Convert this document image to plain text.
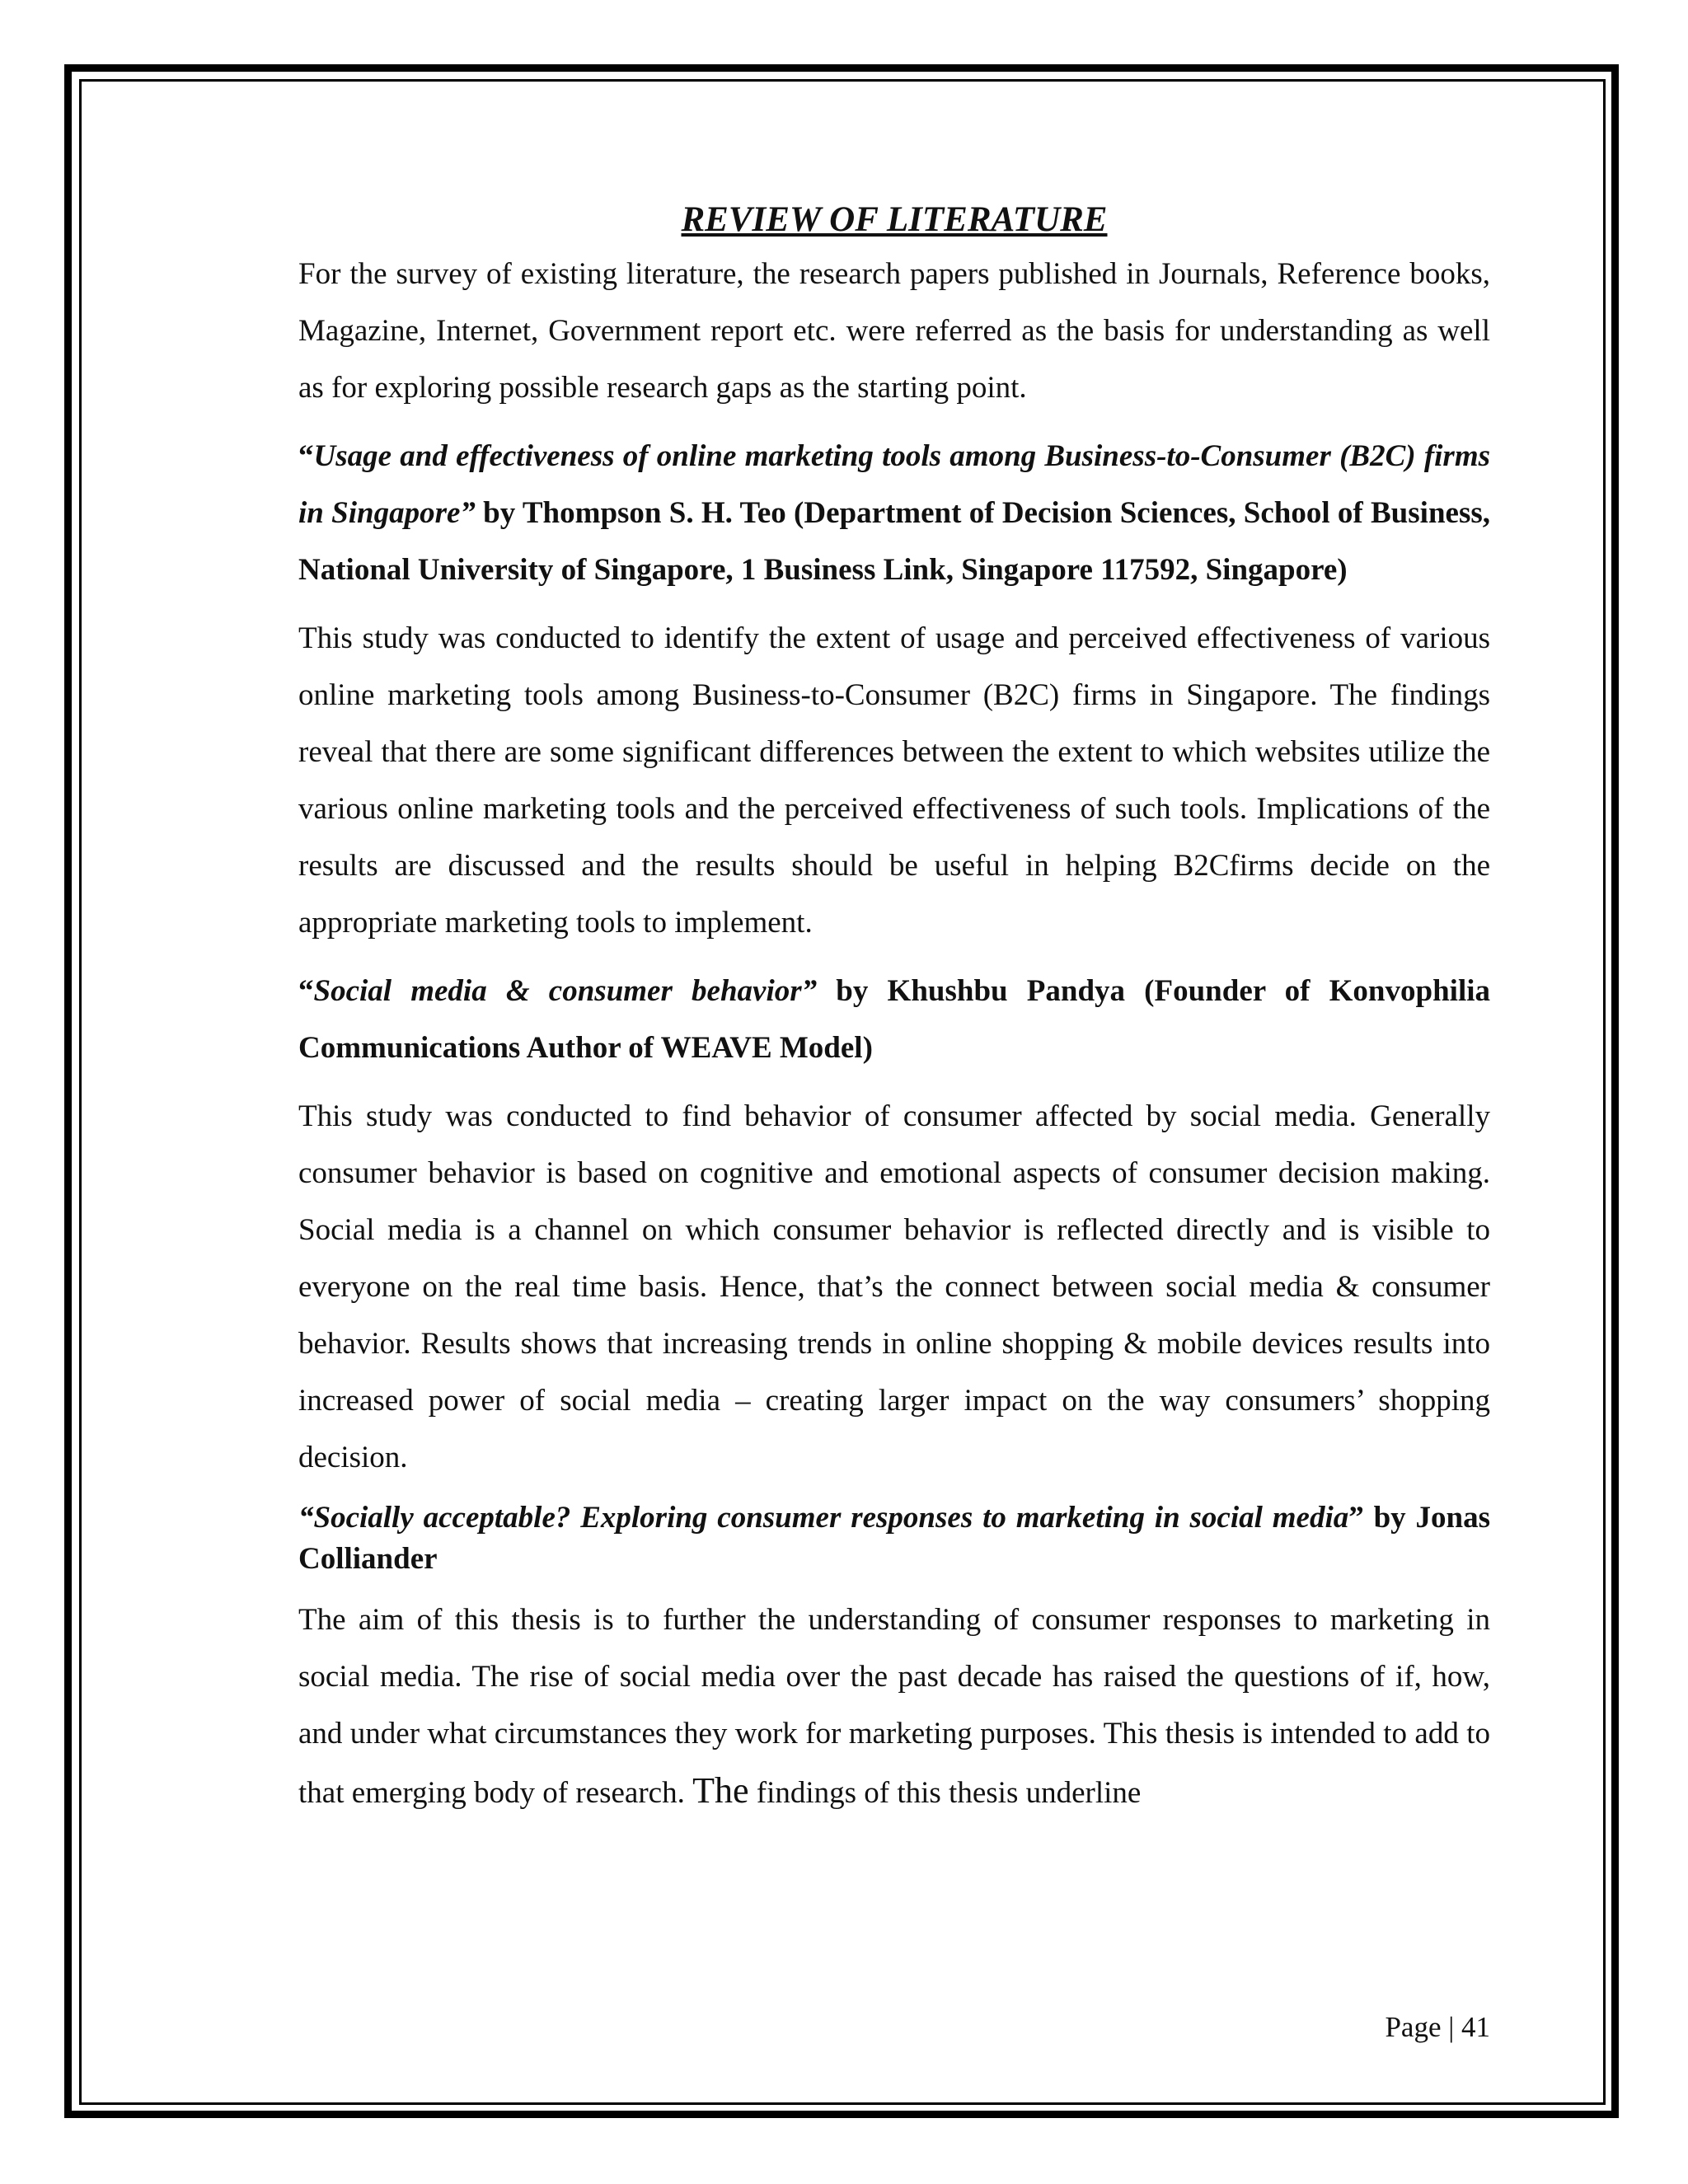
REVIEW OF LITERATURE

For the survey of existing literature, the research papers published in Journals, Reference books, Magazine, Internet, Government report etc. were referred as the basis for understanding as well as for exploring possible research gaps as the starting point.

“Usage and effectiveness of online marketing tools among Business-to-Consumer (B2C) firms in Singapore” by Thompson S. H. Teo (Department of Decision Sciences, School of Business, National University of Singapore, 1 Business Link, Singapore 117592, Singapore)

This study was conducted to identify the extent of usage and perceived effectiveness of various online marketing tools among Business-to-Consumer (B2C) firms in Singapore. The findings reveal that there are some significant differences between the extent to which websites utilize the various online marketing tools and the perceived effectiveness of such tools. Implications of the results are discussed and the results should be useful in helping B2Cfirms decide on the appropriate marketing tools to implement.

“Social media & consumer behavior” by Khushbu Pandya (Founder of Konvophilia Communications Author of WEAVE Model)

This study was conducted to find behavior of consumer affected by social media. Generally consumer behavior is based on cognitive and emotional aspects of consumer decision making. Social media is a channel on which consumer behavior is reflected directly and is visible to everyone on the real time basis. Hence, that’s the connect between social media & consumer behavior. Results shows that increasing trends in online shopping & mobile devices results into increased power of social media – creating larger impact on the way consumers’ shopping decision.

“Socially acceptable? Exploring consumer responses to marketing in social media” by Jonas Colliander

The aim of this thesis is to further the understanding of consumer responses to marketing in social media. The rise of social media over the past decade has raised the questions of if, how, and under what circumstances they work for marketing purposes. This thesis is intended to add to that emerging body of research. The findings of this thesis underline

Page | 41
